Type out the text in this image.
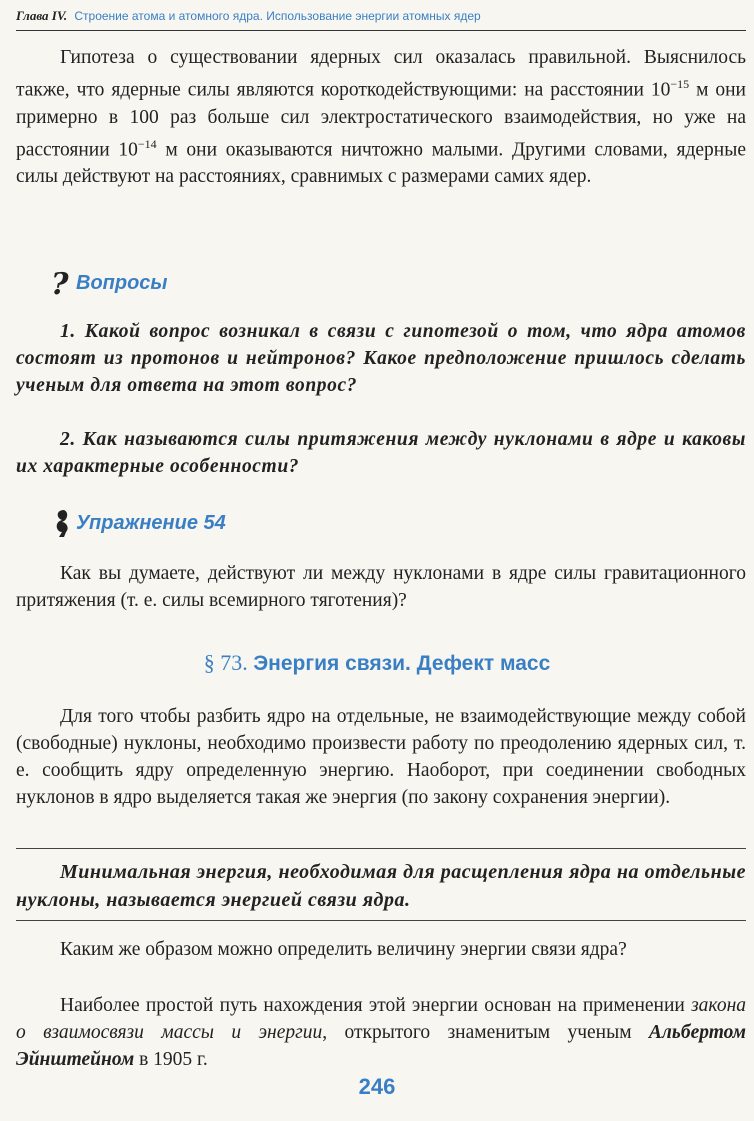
Глава IV. Строение атома и атомного ядра. Использование энергии атомных ядер

Гипотеза о существовании ядерных сил оказалась правильной. Выяснилось также, что ядерные силы являются короткодействующими: на расстоянии $10^{-15}$ м они примерно в 100 раз больше сил электростатического взаимодействия, но уже на расстоянии $10^{-14}$ м они оказываются ничтожно малыми. Другими словами, ядерные силы действуют на расстояниях, сравнимых с размерами самих ядер.

? Вопросы

1. Какой вопрос возникал в связи с гипотезой о том, что ядра атомов состоят из протонов и нейтронов? Какое предположение пришлось сделать ученым для ответа на этот вопрос?

2. Как называются силы притяжения между нуклонами в ядре и каковы их характерные особенности?

Упражнение 54

Как вы думаете, действуют ли между нуклонами в ядре силы гравитационного притяжения (т. е. силы всемирного тяготения)?

§ 73. Энергия связи. Дефект масс

Для того чтобы разбить ядро на отдельные, не взаимодействующие между собой (свободные) нуклоны, необходимо произвести работу по преодолению ядерных сил, т. е. сообщить ядру определенную энергию. Наоборот, при соединении свободных нуклонов в ядро выделяется такая же энергия (по закону сохранения энергии).

Минимальная энергия, необходимая для расщепления ядра на отдельные нуклоны, называется энергией связи ядра.

Каким же образом можно определить величину энергии связи ядра?

Наиболее простой путь нахождения этой энергии основан на применении закона о взаимосвязи массы и энергии, открытого знаменитым ученым Альбертом Эйнштейном в 1905 г.

246
